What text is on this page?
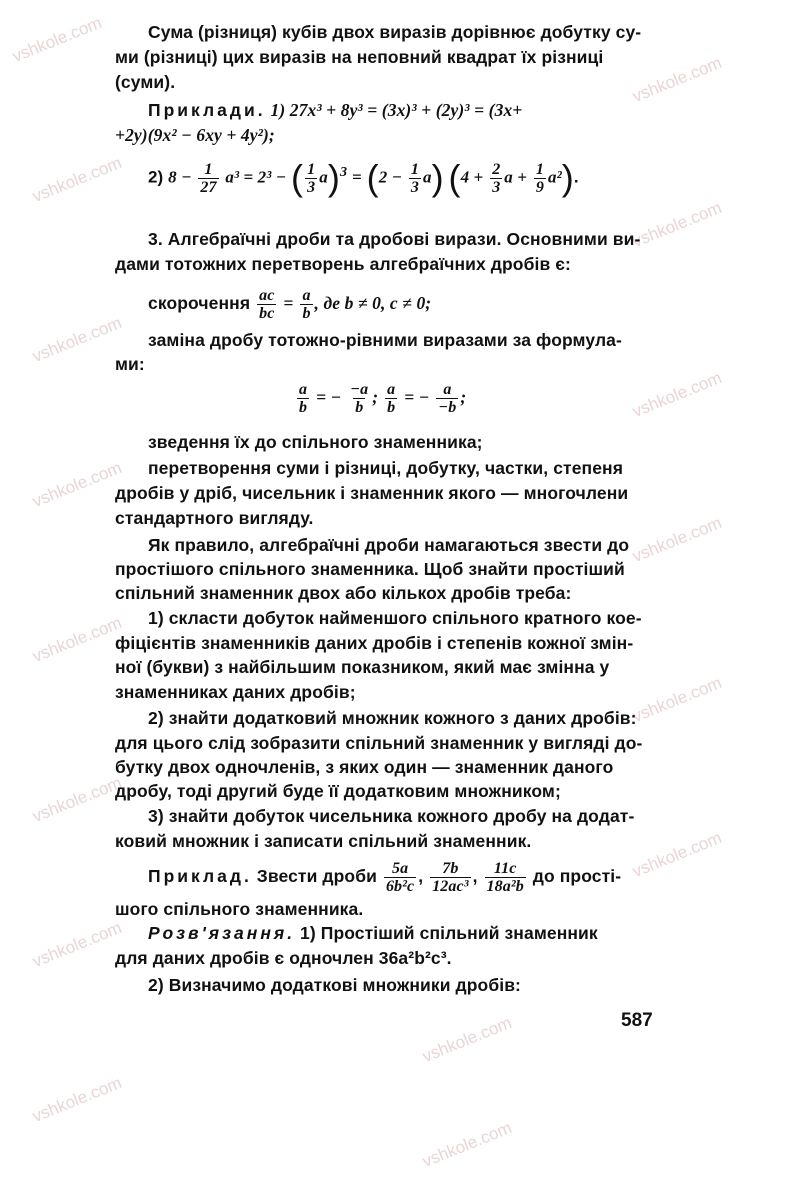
vshkole.com
vshkole.com
vshkole.com
vshkole.com
vshkole.com
vshkole.com
vshkole.com
vshkole.com
vshkole.com
vshkole.com
vshkole.com
vshkole.com
vshkole.com
vshkole.com
vshkole.com
vshkole.com
Сума (різниця) кубів двох виразів дорівнює добутку су-
ми (різниці) цих виразів на неповний квадрат їх різниці
(суми).
Приклади. 1) 27x³ + 8y³ = (3x)³ + (2y)³ = (3x+
+2y)(9x² − 6xy + 4y²);
2) $8 - \frac{1}{27} a^3 = 2^3$ − ( $\frac{1}{3} a)^3 = (2 - \frac{1}{3} a)$ ($4 + \frac{2}{3}$ $a + \frac{1}{9} a^2$).
3. Алгебраїчні дроби та дробові вирази. Основними ви-
дами тотожних перетворень алгебраїчних дробів є:
скорочення $\frac{ac}{bc} = \frac{a}{b}$ , де b ≠ 0, c ≠ 0;
заміна дробу тотожно-рівними виразами за формула-
ми:
$\frac{a}{b}$ = − $\frac{-a}{b}$ ; $\frac{a}{b}$ = − $\frac{a}{-b}$ ;
зведення їх до спільного знаменника;
перетворення суми і різниці, добутку, частки, степеня
дробів у дріб, чисельник і знаменник якого — многочлени
стандартного вигляду.
Як правило, алгебраїчні дроби намагаються звести до
простішого спільного знаменника. Щоб знайти простіший
спільний знаменник двох або кількох дробів треба:
1) скласти добуток найменшого спільного кратного кое-
фіцієнтів знаменників даних дробів і степенів кожної змін-
ної (букви) з найбільшим показником, який має змінна у
знаменниках даних дробів;
2) знайти додатковий множник кожного з даних дробів:
для цього слід зобразити спільний знаменник у вигляді до-
бутку двох одночленів, з яких один — знаменник даного
дробу, тоді другий буде її додатковим множником;
3) знайти добуток чисельника кожного дробу на додат-
ковий множник і записати спільний знаменник.
Приклад. Звести дроби $\frac{5a}{\text{6b²c}}$ , $\frac{7b}{\text{12ac³}}$ , $\frac{11c}{\text{18a²b}}$ до прості-
шого спільного знаменника.
Розв'язання. 1) Простіший спільний знаменник
для даних дробів є одночлен 36a²b²c³.
2) Визначимо додаткові множники дробів:
587
